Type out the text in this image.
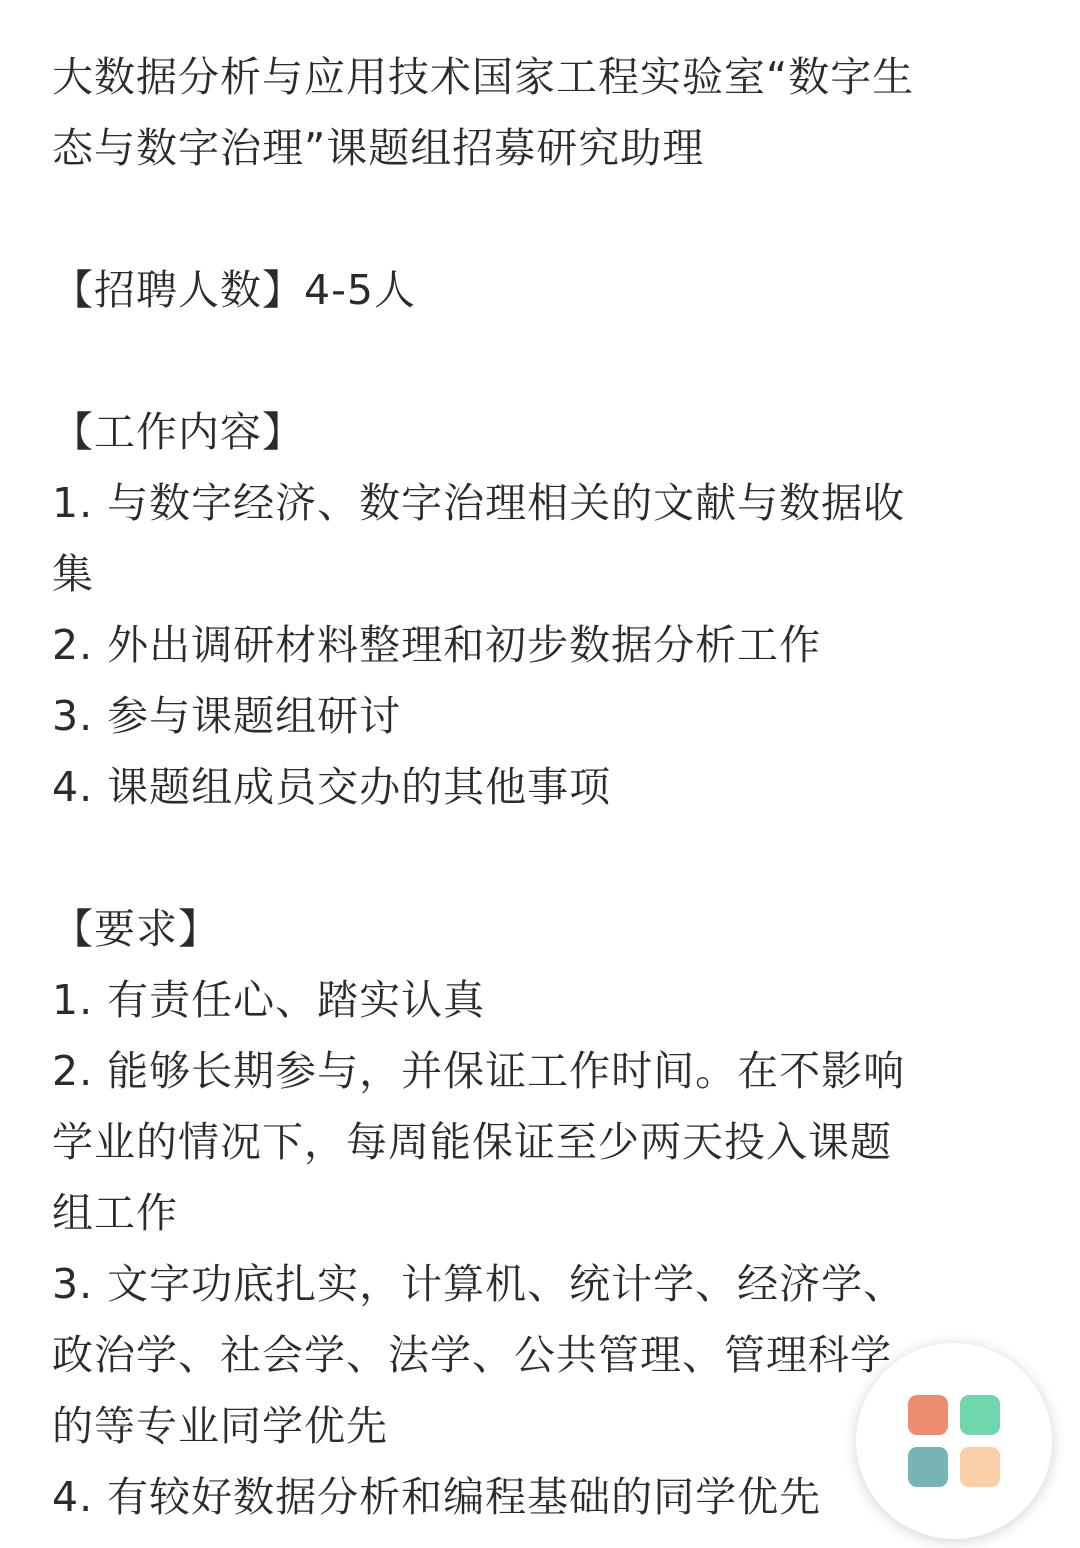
大数据分析与应用技术国家工程实验室“数字生
态与数字治理”课题组招募研究助理

【招聘人数】4-5人

【工作内容】
1. 与数字经济、数字治理相关的文献与数据收
集
2. 外出调研材料整理和初步数据分析工作
3. 参与课题组研讨
4. 课题组成员交办的其他事项
【要求】
1. 有责任心、踏实认真
2. 能够长期参与，并保证工作时间。在不影响
学业的情况下，每周能保证至少两天投入课题
组工作
3. 文字功底扎实，计算机、统计学、经济学、
政治学、社会学、法学、公共管理、管理科学
的等专业同学优先
4. 有较好数据分析和编程基础的同学优先
